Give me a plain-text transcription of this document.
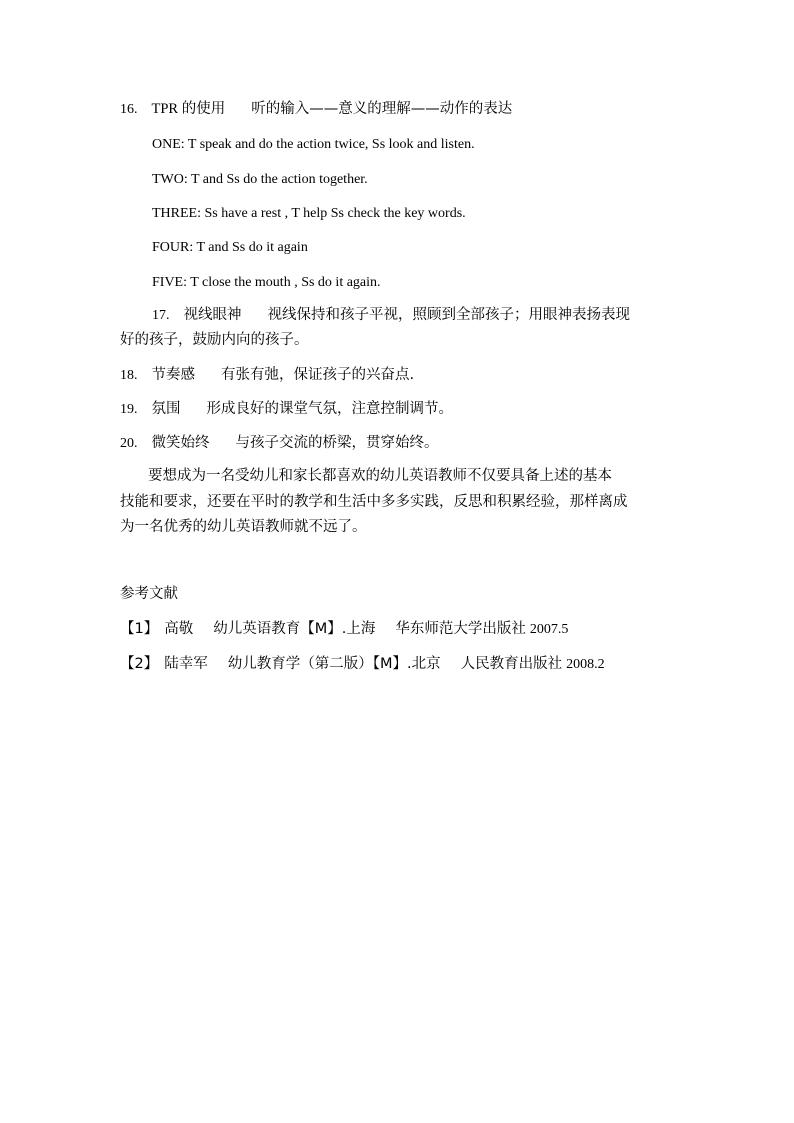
16. TPR 的使用 听的输入——意义的理解——动作的表达
ONE: T speak and do the action twice, Ss look and listen.
TWO: T and Ss do the action together.
THREE: Ss have a rest , T help Ss check the key words.
FOUR: T and Ss do it again
FIVE: T close the mouth , Ss do it again.
17. 视线眼神 视线保持和孩子平视，照顾到全部孩子；用眼神表扬表现
好的孩子，鼓励内向的孩子。
18. 节奏感 有张有弛，保证孩子的兴奋点.
19. 氛围 形成良好的课堂气氛，注意控制调节。
20. 微笑始终 与孩子交流的桥梁，贯穿始终。
要想成为一名受幼儿和家长都喜欢的幼儿英语教师不仅要具备上述的基本
技能和要求，还要在平时的教学和生活中多多实践，反思和积累经验，那样离成
为一名优秀的幼儿英语教师就不远了。
参考文献
【1】 高敬 幼儿英语教育【M】.上海 华东师范大学出版社 2007.5
【2】 陆幸军 幼儿教育学（第二版）【M】.北京 人民教育出版社 2008.2
